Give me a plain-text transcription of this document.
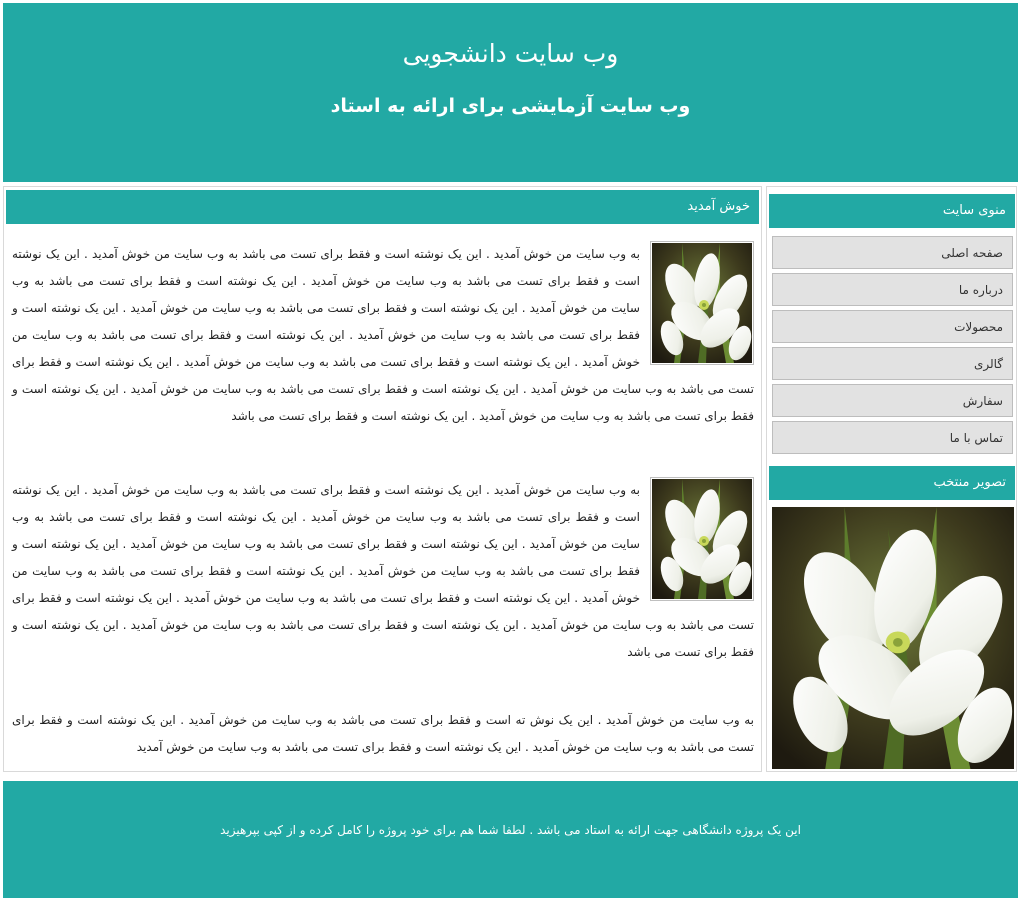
وب سایت دانشجویی
وب سایت آزمایشی برای ارائه به استاد
خوش آمدید
به وب سایت من خوش آمدید . این یک نوشته است و فقط برای تست می باشد به وب سایت من خوش آمدید . این یک نوشته است و فقط برای تست می باشد به وب سایت من خوش آمدید . این یک نوشته است و فقط برای تست می باشد به وب سایت من خوش آمدید . این یک نوشته است و فقط برای تست می باشد به وب سایت من خوش آمدید . این یک نوشته است و فقط برای تست می باشد به وب سایت من خوش آمدید . این یک نوشته است و فقط برای تست می باشد به وب سایت من خوش آمدید . این یک نوشته است و فقط برای تست می باشد به وب سایت من خوش آمدید . این یک نوشته است و فقط برای تست می باشد به وب سایت من خوش آمدید . این یک نوشته است و فقط برای تست می باشد به وب سایت من خوش آمدید . این یک نوشته است و فقط برای تست می باشد به وب سایت من خوش آمدید . این یک نوشته است و فقط برای تست می باشد
به وب سایت من خوش آمدید . این یک نوشته است و فقط برای تست می باشد به وب سایت من خوش آمدید . این یک نوشته است و فقط برای تست می باشد به وب سایت من خوش آمدید . این یک نوشته است و فقط برای تست می باشد به وب سایت من خوش آمدید . این یک نوشته است و فقط برای تست می باشد به وب سایت من خوش آمدید . این یک نوشته است و فقط برای تست می باشد به وب سایت من خوش آمدید . این یک نوشته است و فقط برای تست می باشد به وب سایت من خوش آمدید . این یک نوشته است و فقط برای تست می باشد به وب سایت من خوش آمدید . این یک نوشته است و فقط برای تست می باشد به وب سایت من خوش آمدید . این یک نوشته است و فقط برای تست می باشد به وب سایت من خوش آمدید . این یک نوشته است و فقط برای تست می باشد
به وب سایت من خوش آمدید . این یک نوش ته است و فقط برای تست می باشد به وب سایت من خوش آمدید . این یک نوشته است و فقط برای تست می باشد به وب سایت من خوش آمدید . این یک نوشته است و فقط برای تست می باشد به وب سایت من خوش آمدید
منوی سایت
صفحه اصلی
درباره ما
محصولات
گالری
سفارش
تماس با ما
تصویر منتخب
این یک پروژه دانشگاهی جهت ارائه به استاد می باشد . لطفا شما هم برای خود پروژه را کامل کرده و از کپی بپرهیزید
